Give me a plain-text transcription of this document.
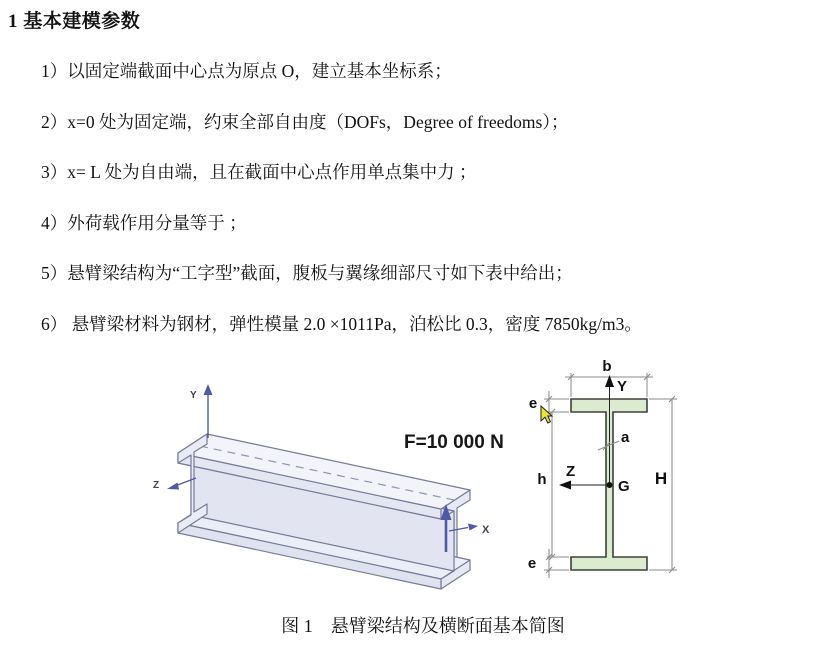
1 基本建模参数
1）以固定端截面中心点为原点 O，建立基本坐标系；
2）x=0 处为固定端，约束全部自由度（DOFs，Degree of freedoms）；
3）x= L 处为自由端，且在截面中心点作用单点集中力 ；
4）外荷载作用分量等于 ；
5）悬臂梁结构为“工字型”截面，腹板与翼缘细部尺寸如下表中给出；
6） 悬臂梁材料为钢材，弹性模量 2.0 ×1011Pa，泊松比 0.3，密度 7850kg/m3。
Y
Z
X
F=10 000 N
b
Y
H
h
e
e
a
Z
G
图 1　悬臂梁结构及横断面基本简图
